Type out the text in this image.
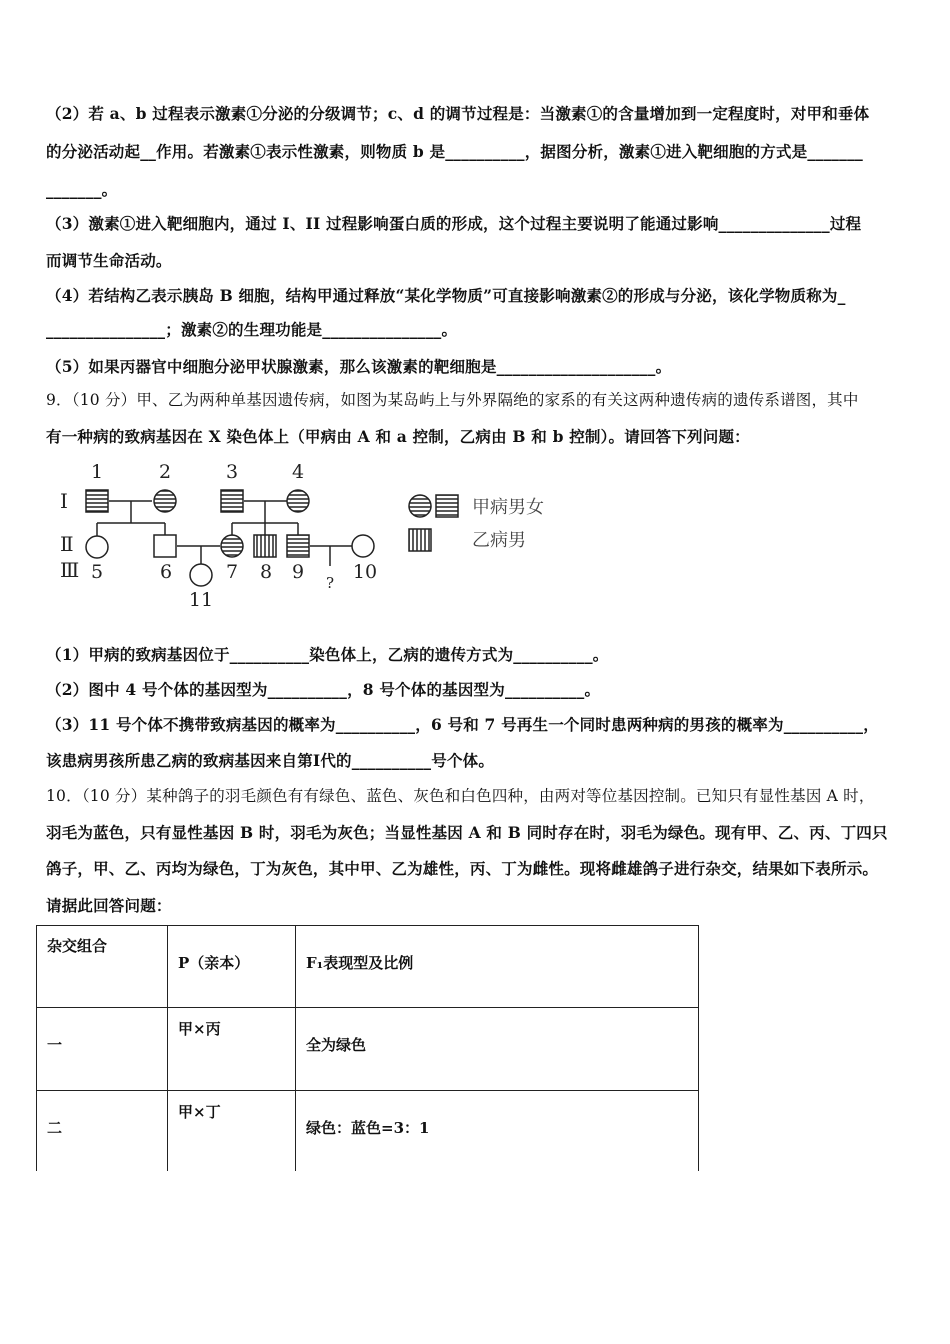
（2）若 a、b 过程表示激素①分泌的分级调节；c、d 的调节过程是：当激素①的含量增加到一定程度时，对甲和垂体
的分泌活动起__作用。若激素①表示性激素，则物质 b 是__________，据图分析，激素①进入靶细胞的方式是_______
_______。
（3）激素①进入靶细胞内，通过 I、II 过程影响蛋白质的形成，这个过程主要说明了能通过影响______________过程
而调节生命活动。
（4）若结构乙表示胰岛 B 细胞，结构甲通过释放“某化学物质”可直接影响激素②的形成与分泌，该化学物质称为_
_______________；激素②的生理功能是_______________。
（5）如果丙器官中细胞分泌甲状腺激素，那么该激素的靶细胞是____________________。
9．（10 分）甲、乙为两种单基因遗传病，如图为某岛屿上与外界隔绝的家系的有关这两种遗传病的遗传系谱图，其中
有一种病的致病基因在 X 染色体上（甲病由 A 和 a 控制，乙病由 B 和 b 控制）。请回答下列问题：
Ⅰ
Ⅱ
Ⅲ
1	2	3	4
5	6	7 8 9	10
11
?
甲病男女
乙病男
（1）甲病的致病基因位于__________染色体上，乙病的遗传方式为__________。
（2）图中 4 号个体的基因型为__________，8 号个体的基因型为__________。
（3）11 号个体不携带致病基因的概率为__________，6 号和 7 号再生一个同时患两种病的男孩的概率为__________，
该患病男孩所患乙病的致病基因来自第Ⅰ代的__________号个体。
10．（10 分）某种鸽子的羽毛颜色有有绿色、蓝色、灰色和白色四种，由两对等位基因控制。已知只有显性基因 A 时，
羽毛为蓝色，只有显性基因 B 时，羽毛为灰色；当显性基因 A 和 B 同时存在时，羽毛为绿色。现有甲、乙、丙、丁四只
鸽子，甲、乙、丙均为绿色，丁为灰色，其中甲、乙为雄性，丙、丁为雌性。现将雌雄鸽子进行杂交，结果如下表所示。
请据此回答问题：
杂交组合	P（亲本）	F₁表现型及比例

一	甲×丙	全为绿色

二	甲×丁	绿色：蓝色=3：1
